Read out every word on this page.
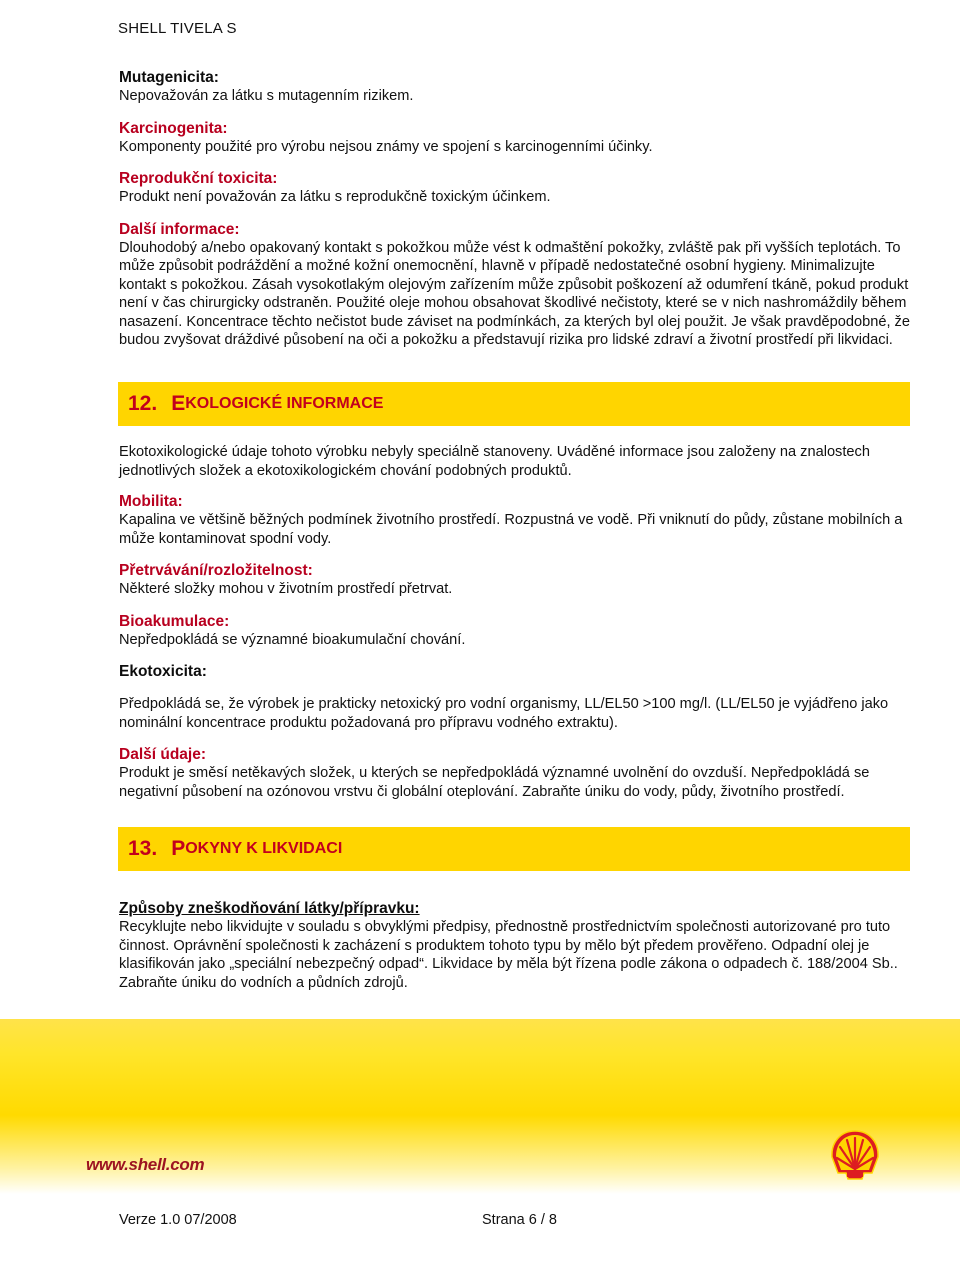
SHELL TIVELA S
Mutagenicita:
Nepovažován za látku s mutagenním rizikem.
Karcinogenita:
Komponenty použité pro výrobu nejsou známy ve spojení s karcinogenními účinky.
Reprodukční toxicita:
Produkt není považován za látku s reprodukčně toxickým účinkem.
Další informace:
Dlouhodobý a/nebo opakovaný kontakt s pokožkou může vést k odmaštění pokožky, zvláště pak při vyšších teplotách. To může způsobit podráždění a možné kožní onemocnění, hlavně v případě nedostatečné osobní hygieny. Minimalizujte kontakt s pokožkou. Zásah vysokotlakým olejovým zařízením může způsobit poškození až odumření tkáně, pokud produkt není v čas chirurgicky odstraněn. Použité oleje mohou obsahovat škodlivé nečistoty, které se v nich nashromáždily během nasazení. Koncentrace těchto nečistot bude záviset na podmínkách, za kterých byl olej použit. Je však pravděpodobné, že budou zvyšovat dráždivé působení na oči a pokožku a představují rizika pro lidské zdraví a životní prostředí při likvidaci.
12. E KOLOGICKÉ INFORMACE
Ekotoxikologické údaje tohoto výrobku nebyly speciálně stanoveny. Uváděné informace jsou založeny na znalostech jednotlivých složek a ekotoxikologickém chování podobných produktů.
Mobilita:
Kapalina ve většině běžných podmínek životního prostředí. Rozpustná ve vodě. Při vniknutí do půdy, zůstane mobilních a může kontaminovat spodní vody.
Přetrvávání/rozložitelnost:
Některé složky mohou v životním prostředí přetrvat.
Bioakumulace:
Nepředpokládá se významné bioakumulační chování.
Ekotoxicita:
Předpokládá se, že výrobek je prakticky netoxický pro vodní organismy, LL/EL50 >100 mg/l. (LL/EL50 je vyjádřeno jako nominální koncentrace produktu požadovaná pro přípravu vodného extraktu).
Další údaje:
Produkt je směsí netěkavých složek, u kterých se nepředpokládá významné uvolnění do ovzduší. Nepředpokládá se negativní působení na ozónovou vrstvu či globální oteplování. Zabraňte úniku do vody, půdy, životního prostředí.
13. P OKYNY K LIKVIDACI
Způsoby zneškodňování látky/přípravku:
Recyklujte nebo likvidujte v souladu s obvyklými předpisy, přednostně prostřednictvím společnosti autorizované pro tuto činnost. Oprávnění společnosti k zacházení s produktem tohoto typu by mělo být předem prověřeno. Odpadní olej je klasifikován jako „speciální nebezpečný odpad“. Likvidace by měla být řízena podle zákona o odpadech č. 188/2004 Sb.. Zabraňte úniku do vodních a půdních zdrojů.
www.shell.com
Verze 1.0 07/2008	Strana 6 / 8
